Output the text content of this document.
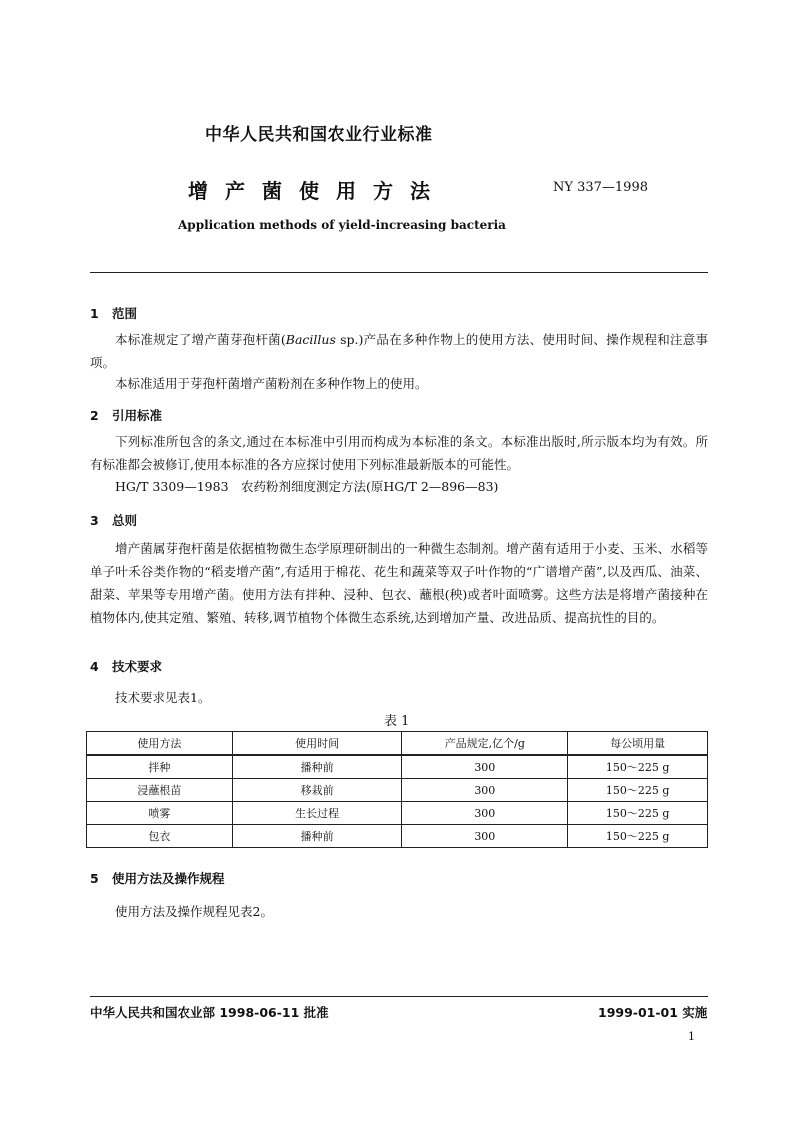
中华人民共和国农业行业标准
增产菌使用方法	NY 337—1998
Application methods of yield-increasing bacteria
1 范围
本标准规定了增产菌芽孢杆菌(Bacillus sp.)产品在多种作物上的使用方法、使用时间、操作规程和注意事项。
本标准适用于芽孢杆菌增产菌粉剂在多种作物上的使用。
2 引用标准
下列标准所包含的条文,通过在本标准中引用而构成为本标准的条文。本标准出版时,所示版本均为有效。所有标准都会被修订,使用本标准的各方应探讨使用下列标准最新版本的可能性。
HG/T 3309—1983　农药粉剂细度测定方法(原HG/T 2—896—83)
3 总则
增产菌属芽孢杆菌是依据植物微生态学原理研制出的一种微生态制剂。增产菌有适用于小麦、玉米、水稻等单子叶禾谷类作物的“稻麦增产菌”,有适用于棉花、花生和蔬菜等双子叶作物的“广谱增产菌”,以及西瓜、油菜、甜菜、苹果等专用增产菌。使用方法有拌种、浸种、包衣、蘸根(秧)或者叶面喷雾。这些方法是将增产菌接种在植物体内,使其定殖、繁殖、转移,调节植物个体微生态系统,达到增加产量、改进品质、提高抗性的目的。
4 技术要求
技术要求见表1。
表 1
使用方法	使用时间	产品规定,亿个/g	每公顷用量
拌种	播种前	300	150～225 g
浸蘸根苗	移栽前	300	150～225 g
喷雾	生长过程	300	150～225 g
包衣	播种前	300	150～225 g
5 使用方法及操作规程
使用方法及操作规程见表2。
中华人民共和国农业部 1998-06-11 批准	1999-01-01 实施
1
